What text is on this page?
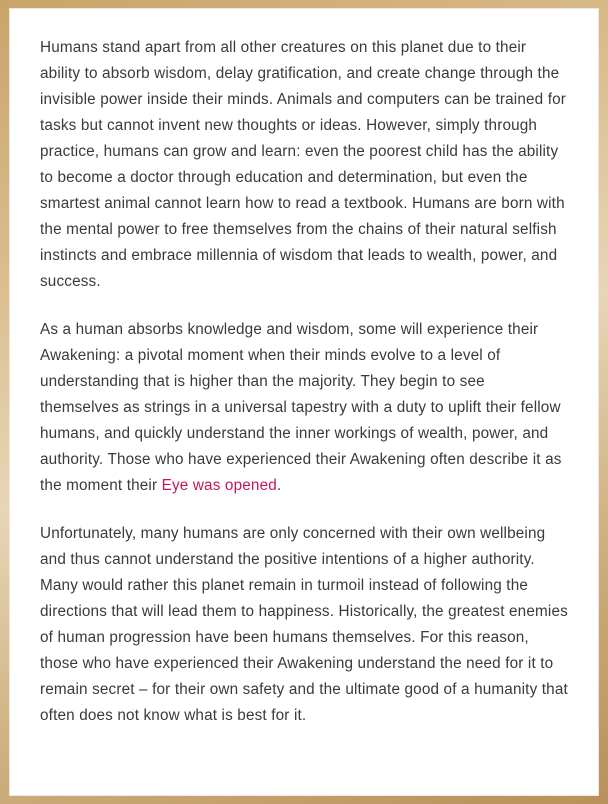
Humans stand apart from all other creatures on this planet due to their ability to absorb wisdom, delay gratification, and create change through the invisible power inside their minds. Animals and computers can be trained for tasks but cannot invent new thoughts or ideas. However, simply through practice, humans can grow and learn: even the poorest child has the ability to become a doctor through education and determination, but even the smartest animal cannot learn how to read a textbook. Humans are born with the mental power to free themselves from the chains of their natural selfish instincts and embrace millennia of wisdom that leads to wealth, power, and success.

As a human absorbs knowledge and wisdom, some will experience their Awakening: a pivotal moment when their minds evolve to a level of understanding that is higher than the majority. They begin to see themselves as strings in a universal tapestry with a duty to uplift their fellow humans, and quickly understand the inner workings of wealth, power, and authority. Those who have experienced their Awakening often describe it as the moment their Eye was opened.

Unfortunately, many humans are only concerned with their own wellbeing and thus cannot understand the positive intentions of a higher authority. Many would rather this planet remain in turmoil instead of following the directions that will lead them to happiness. Historically, the greatest enemies of human progression have been humans themselves. For this reason, those who have experienced their Awakening understand the need for it to remain secret – for their own safety and the ultimate good of a humanity that often does not know what is best for it.
